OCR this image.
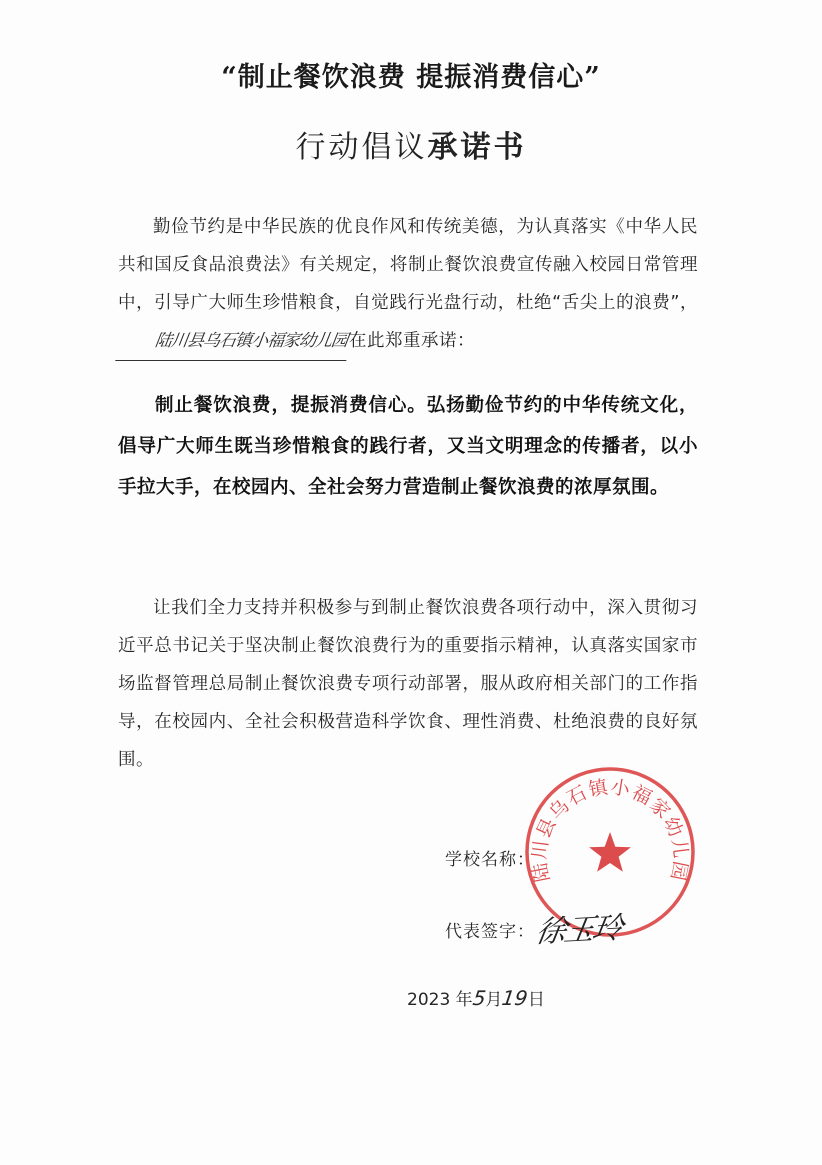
“制止餐饮浪费 提振消费信心”
行动倡议承诺书
勤俭节约是中华民族的优良作风和传统美德，为认真落实《中华人民共和国反食品浪费法》有关规定，将制止餐饮浪费宣传融入校园日常管理中，引导广大师生珍惜粮食，自觉践行光盘行动，杜绝“舌尖上的浪费”，陆川县乌石镇小福家幼儿园在此郑重承诺：
制止餐饮浪费，提振消费信心。弘扬勤俭节约的中华传统文化，倡导广大师生既当珍惜粮食的践行者，又当文明理念的传播者，以小手拉大手，在校园内、全社会努力营造制止餐饮浪费的浓厚氛围。
让我们全力支持并积极参与到制止餐饮浪费各项行动中，深入贯彻习近平总书记关于坚决制止餐饮浪费行为的重要指示精神，认真落实国家市场监督管理总局制止餐饮浪费专项行动部署，服从政府相关部门的工作指导，在校园内、全社会积极营造科学饮食、理性消费、杜绝浪费的良好氛围。
陆川县乌石镇小福家幼儿园
学校名称：
代表签字：
徐玉玲
2023 年5月19日
